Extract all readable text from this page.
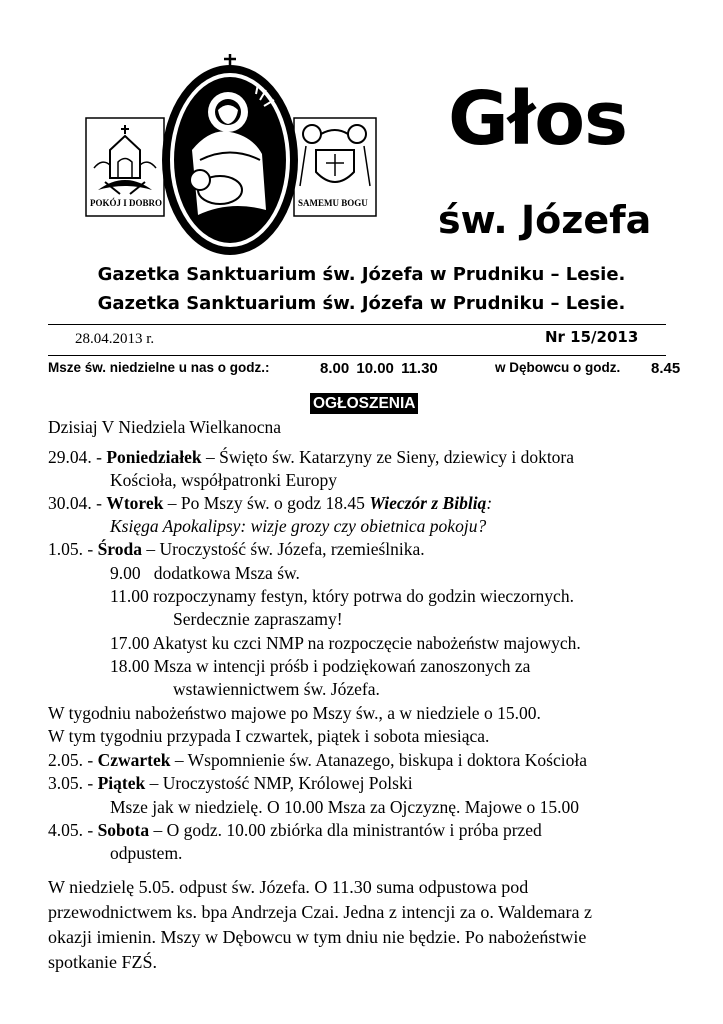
POKÓJ I DOBRO	SAMEMU BOGU
Głos
św. Józefa
Gazetka Sanktuarium św. Józefa w Prudniku – Lesie.
Gazetka Sanktuarium św. Józefa w Prudniku – Lesie.
28.04.2013 r.	Nr 15/2013
Msze św. niedzielne u nas o godz.:	8.00 10.00 11.30	w Dębowcu o godz. 8.45
OGŁOSZENIA
Dzisiaj V Niedziela Wielkanocna
29.04. - Poniedziałek – Święto św. Katarzyny ze Sieny, dziewicy i doktora
Kościoła, współpatronki Europy
30.04. - Wtorek – Po Mszy św. o godz 18.45 Wieczór z Biblią:
Księga Apokalipsy: wizje grozy czy obietnica pokoju?
1.05. - Środa – Uroczystość św. Józefa, rzemieślnika.
9.00   dodatkowa Msza św.
11.00 rozpoczynamy festyn, który potrwa do godzin wieczornych.
Serdecznie zapraszamy!
17.00 Akatyst ku czci NMP na rozpoczęcie nabożeństw majowych.
18.00 Msza w intencji próśb i podziękowań zanoszonych za
wstawiennictwem św. Józefa.
W tygodniu nabożeństwo majowe po Mszy św., a w niedziele o 15.00.
W tym tygodniu przypada I czwartek, piątek i sobota miesiąca.
2.05. - Czwartek – Wspomnienie św. Atanazego, biskupa i doktora Kościoła
3.05. - Piątek – Uroczystość NMP, Królowej Polski
Msze jak w niedzielę. O 10.00 Msza za Ojczyznę. Majowe o 15.00
4.05. - Sobota – O godz. 10.00 zbiórka dla ministrantów i próba przed
odpustem.
W niedzielę 5.05. odpust św. Józefa. O 11.30 suma odpustowa pod
przewodnictwem ks. bpa Andrzeja Czai. Jedna z intencji za o. Waldemara z
okazji imienin. Mszy w Dębowcu w tym dniu nie będzie. Po nabożeństwie
spotkanie FZŚ.
